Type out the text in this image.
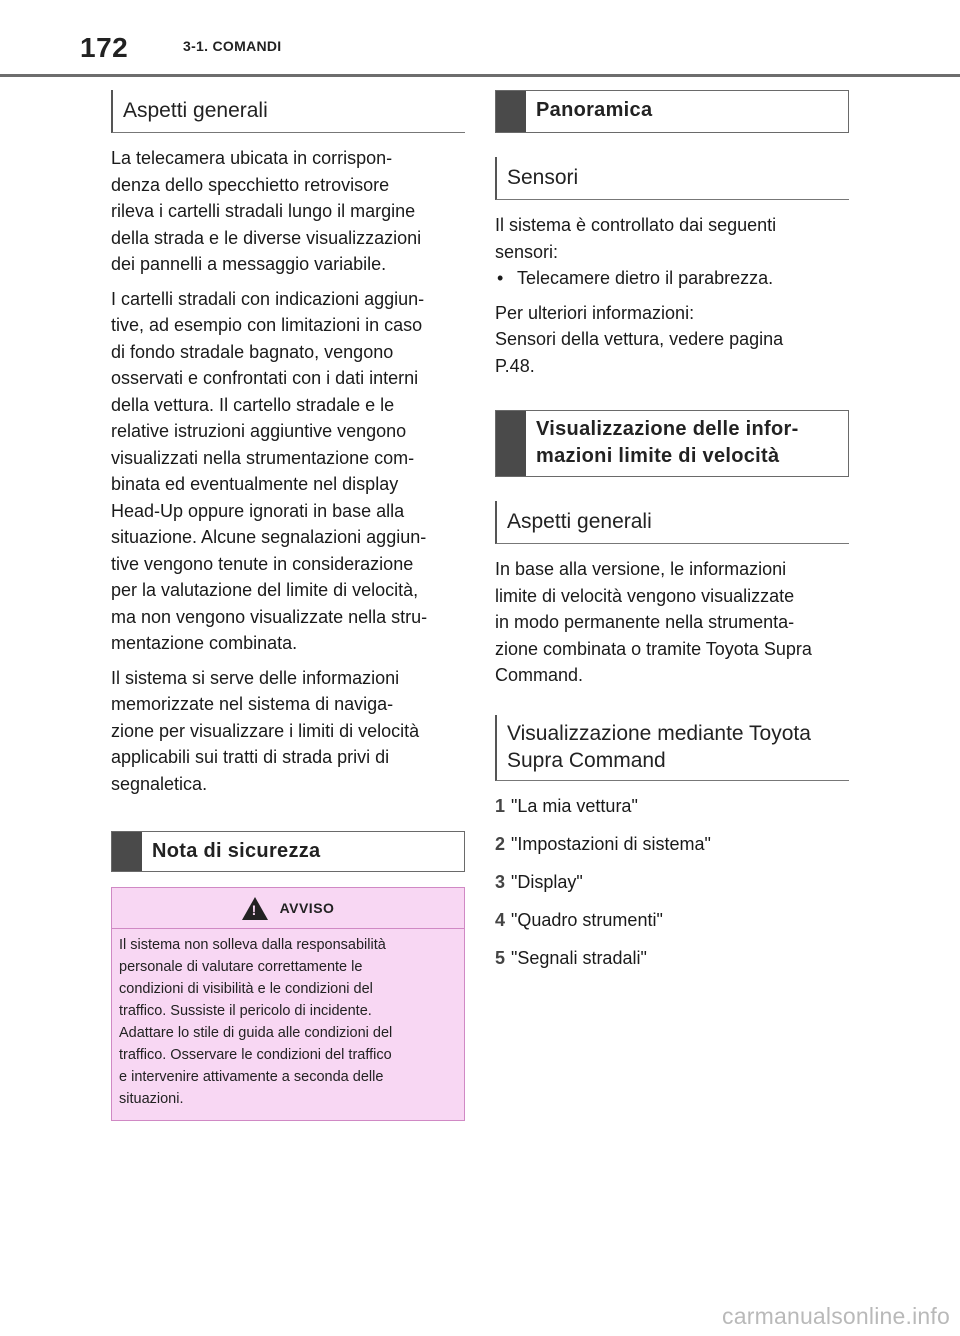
172	3-1. COMANDI
Aspetti generali
La telecamera ubicata in corrispon-
denza dello specchietto retrovisore
rileva i cartelli stradali lungo il margine
della strada e le diverse visualizzazioni
dei pannelli a messaggio variabile.
I cartelli stradali con indicazioni aggiun-
tive, ad esempio con limitazioni in caso
di fondo stradale bagnato, vengono
osservati e confrontati con i dati interni
della vettura. Il cartello stradale e le
relative istruzioni aggiuntive vengono
visualizzati nella strumentazione com-
binata ed eventualmente nel display
Head-Up oppure ignorati in base alla
situazione. Alcune segnalazioni aggiun-
tive vengono tenute in considerazione
per la valutazione del limite di velocità,
ma non vengono visualizzate nella stru-
mentazione combinata.
Il sistema si serve delle informazioni
memorizzate nel sistema di naviga-
zione per visualizzare i limiti di velocità
applicabili sui tratti di strada privi di
segnaletica.
Nota di sicurezza
!
AVVISO
Il sistema non solleva dalla responsabilità
personale di valutare correttamente le
condizioni di visibilità e le condizioni del
traffico. Sussiste il pericolo di incidente.
Adattare lo stile di guida alle condizioni del
traffico. Osservare le condizioni del traffico
e intervenire attivamente a seconda delle
situazioni.
Panoramica
Sensori
Il sistema è controllato dai seguenti
sensori:
• Telecamere dietro il parabrezza.
Per ulteriori informazioni:
Sensori della vettura, vedere pagina
P.48.
Visualizzazione delle infor-
mazioni limite di velocità
Aspetti generali
In base alla versione, le informazioni
limite di velocità vengono visualizzate
in modo permanente nella strumenta-
zione combinata o tramite Toyota Supra
Command.
Visualizzazione mediante Toyota
Supra Command
1 "La mia vettura"
2 "Impostazioni di sistema"
3 "Display"
4 "Quadro strumenti"
5 "Segnali stradali"
carmanualsonline.info
